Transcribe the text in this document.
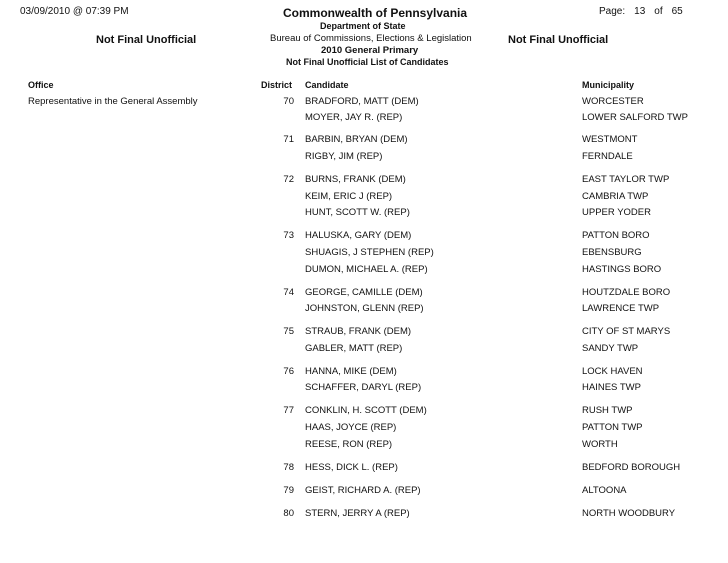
03/09/2010 @ 07:39 PM	Commonwealth of Pennsylvania	Page: 13 of 65
Department of State
Bureau of Commissions, Elections & Legislation
2010 General Primary
Not Final Unofficial List of Candidates
Not Final Unofficial	Not Final Unofficial
Office	District Candidate	Municipality
Representative in the General Assembly	70 BRADFORD, MATT (DEM)	WORCESTER
MOYER, JAY R. (REP)	LOWER SALFORD TWP
71 BARBIN, BRYAN (DEM)	WESTMONT
RIGBY, JIM (REP)	FERNDALE
72 BURNS, FRANK (DEM)	EAST TAYLOR TWP
KEIM, ERIC J (REP)	CAMBRIA TWP
HUNT, SCOTT W. (REP)	UPPER YODER
73 HALUSKA, GARY (DEM)	PATTON BORO
SHUAGIS, J STEPHEN (REP)	EBENSBURG
DUMON, MICHAEL A. (REP)	HASTINGS BORO
74 GEORGE, CAMILLE (DEM)	HOUTZDALE BORO
JOHNSTON, GLENN (REP)	LAWRENCE TWP
75 STRAUB, FRANK (DEM)	CITY OF ST MARYS
GABLER, MATT (REP)	SANDY TWP
76 HANNA, MIKE (DEM)	LOCK HAVEN
SCHAFFER, DARYL (REP)	HAINES TWP
77 CONKLIN, H. SCOTT (DEM)	RUSH TWP
HAAS, JOYCE (REP)	PATTON TWP
REESE, RON (REP)	WORTH
78 HESS, DICK L. (REP)	BEDFORD BOROUGH
79 GEIST, RICHARD A. (REP)	ALTOONA
80 STERN, JERRY A (REP)	NORTH WOODBURY
